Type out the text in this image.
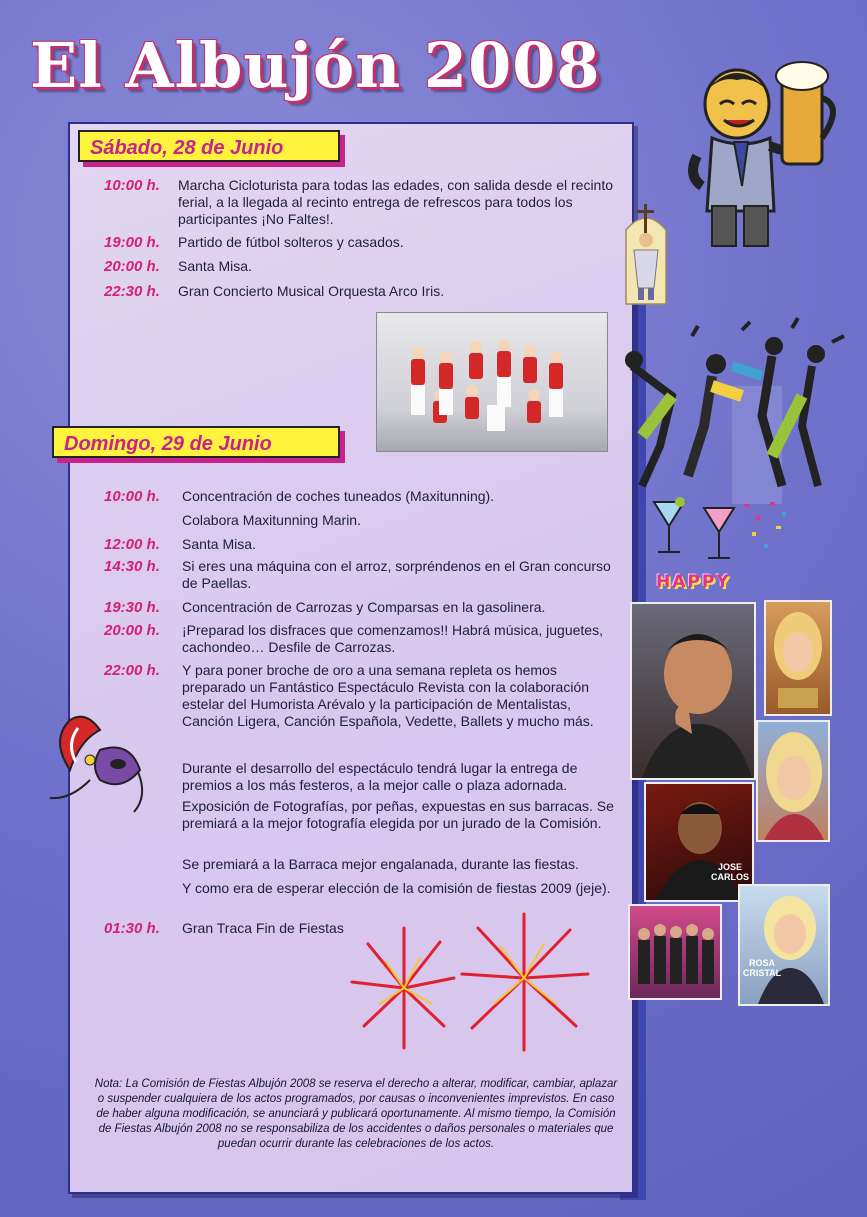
El Albujón 2008
Sábado, 28 de Junio
10:00 h.	Marcha Cicloturista para todas las edades, con salida desde el recinto ferial, a la llegada al recinto entrega de refrescos para todos los participantes ¡No Faltes!.
19:00 h.	Partido de fútbol solteros y casados.
20:00 h.	Santa Misa.
22:30 h.	Gran Concierto Musical Orquesta Arco Iris.
HAPPY
JOSE CARLOS
ROSA CRISTAL
Domingo, 29 de Junio
10:00 h.	Concentración de coches tuneados (Maxitunning).
Colabora Maxitunning Marin.
12:00 h.	Santa Misa.
14:30 h.	Si eres una máquina con el arroz, sorpréndenos en el Gran concurso de Paellas.
19:30 h.	Concentración de Carrozas y Comparsas en la gasolinera.
20:00 h.	¡Preparad los disfraces que comenzamos!! Habrá música, juguetes, cachondeo… Desfile de Carrozas.
22:00 h.	Y para poner broche de oro a una semana repleta os hemos preparado un Fantástico Espectáculo Revista con la colaboración estelar del Humorista Arévalo y la participación de Mentalistas, Canción Ligera, Canción Española, Vedette, Ballets y mucho más.
Durante el desarrollo del espectáculo tendrá lugar la entrega de premios a los más festeros, a la mejor calle o plaza adornada.
Exposición de Fotografías, por peñas, expuestas en sus barracas. Se premiará a la mejor fotografía elegida por un jurado de la Comisión.
Se premiará a la Barraca mejor engalanada, durante las fiestas.
Y como era de esperar elección de la comisión de fiestas 2009 (jeje).
01:30 h.	Gran Traca Fin de Fiestas
Nota: La Comisión de Fiestas Albujón 2008 se reserva el derecho a alterar, modificar, cambiar, aplazar o suspender cualquiera de los actos programados, por causas o inconvenientes imprevistos. En caso de haber alguna modificación, se anunciará y publicará oportunamente. Al mismo tiempo, la Comisión de Fiestas Albujón 2008 no se responsabiliza de los accidentes o daños personales o materiales que puedan ocurrir durante las celebraciones de los actos.
